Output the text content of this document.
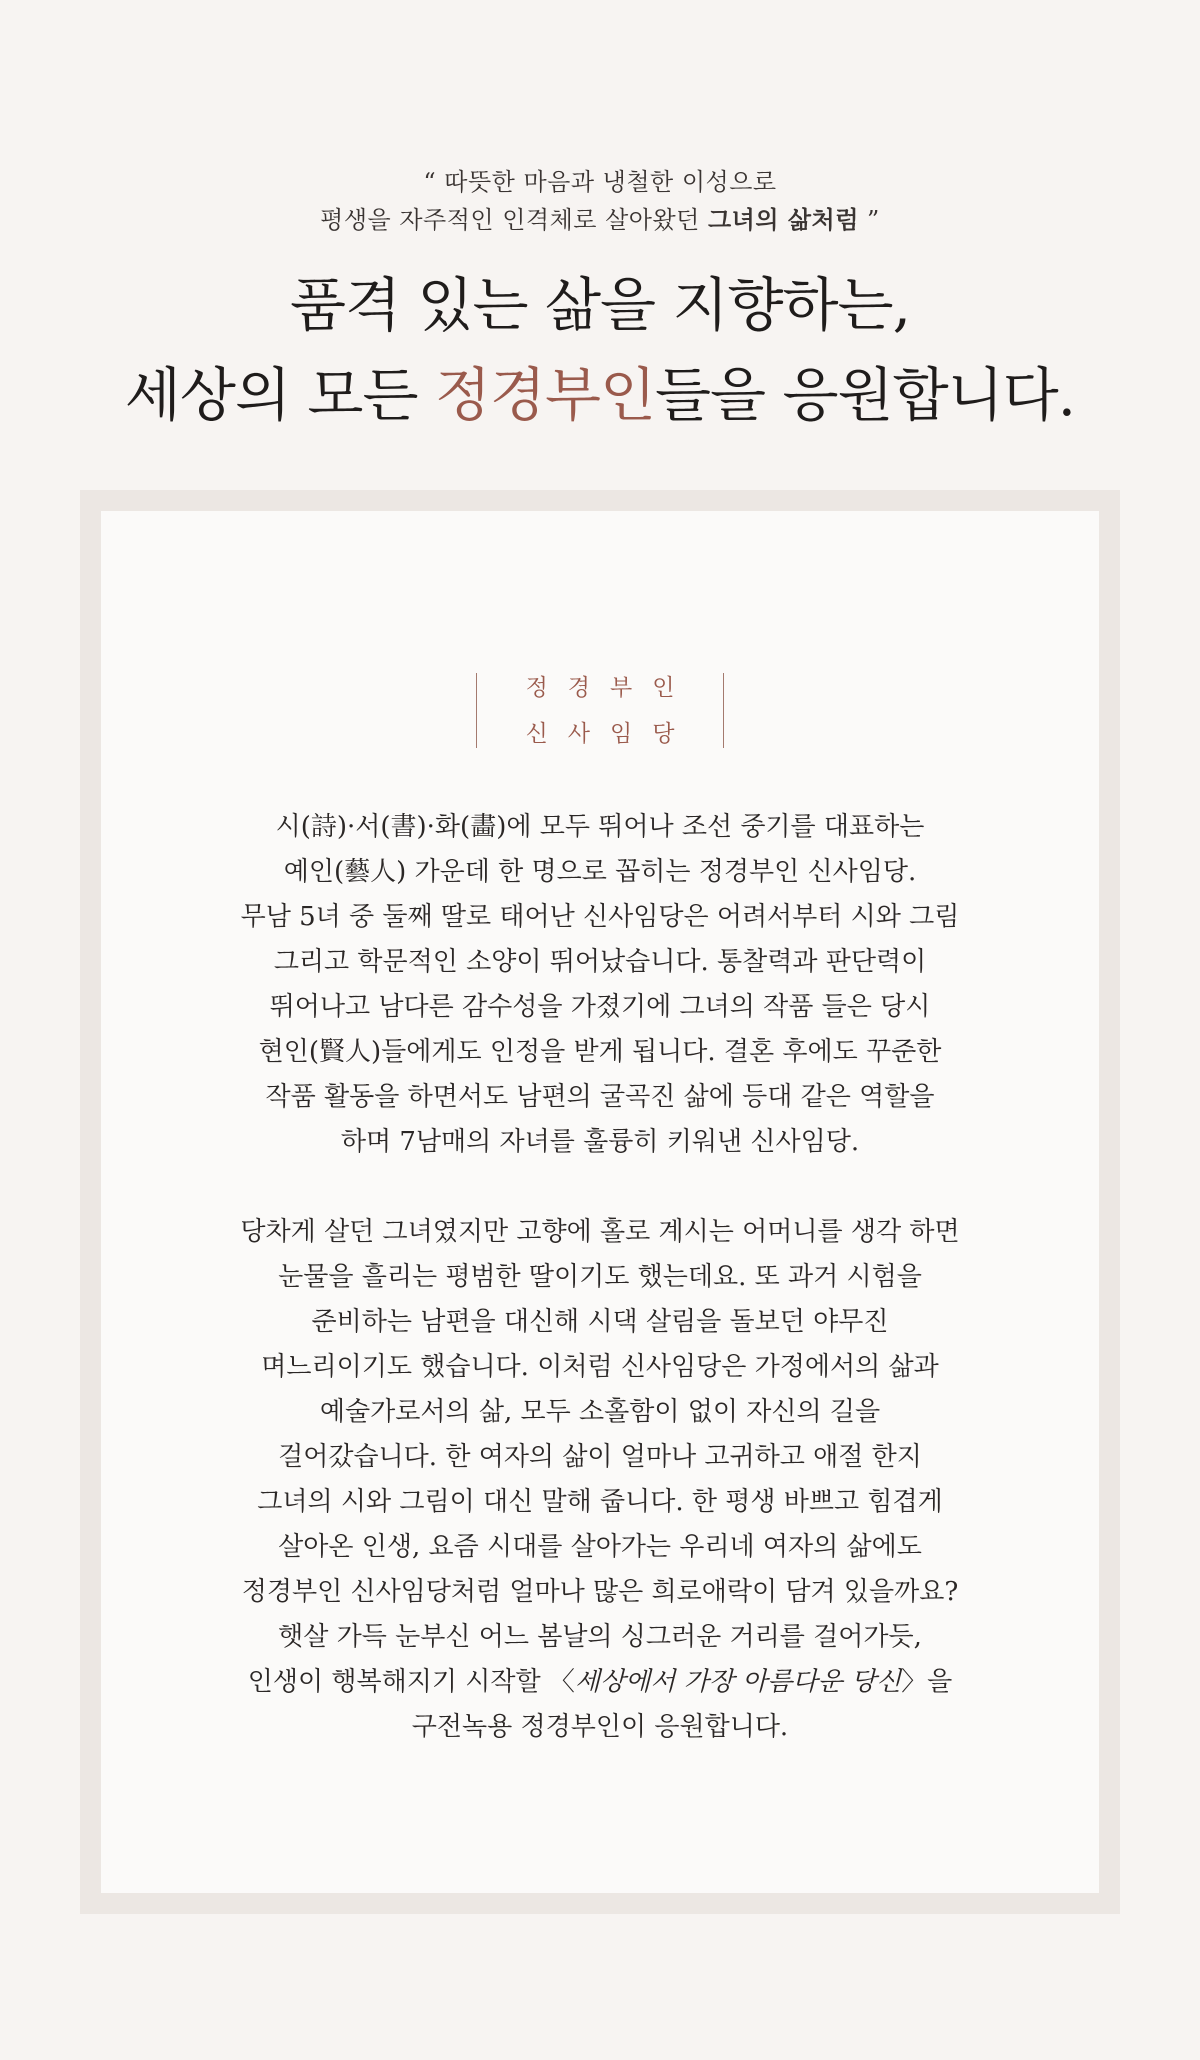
“ 따뜻한 마음과 냉철한 이성으로
평생을 자주적인 인격체로 살아왔던 그녀의 삶처럼 ”
품격 있는 삶을 지향하는,
세상의 모든 정경부인들을 응원합니다.
정경부인
신사임당
시(詩)·서(書)·화(畵)에 모두 뛰어나 조선 중기를 대표하는
예인(藝人) 가운데 한 명으로 꼽히는 정경부인 신사임당.
무남 5녀 중 둘째 딸로 태어난 신사임당은 어려서부터 시와 그림
그리고 학문적인 소양이 뛰어났습니다. 통찰력과 판단력이
뛰어나고 남다른 감수성을 가졌기에 그녀의 작품 들은 당시
현인(賢人)들에게도 인정을 받게 됩니다. 결혼 후에도 꾸준한
작품 활동을 하면서도 남편의 굴곡진 삶에 등대 같은 역할을
하며 7남매의 자녀를 훌륭히 키워낸 신사임당.
당차게 살던 그녀였지만 고향에 홀로 계시는 어머니를 생각 하면
눈물을 흘리는 평범한 딸이기도 했는데요. 또 과거 시험을
준비하는 남편을 대신해 시댁 살림을 돌보던 야무진
며느리이기도 했습니다. 이처럼 신사임당은 가정에서의 삶과
예술가로서의 삶, 모두 소홀함이 없이 자신의 길을
걸어갔습니다. 한 여자의 삶이 얼마나 고귀하고 애절 한지
그녀의 시와 그림이 대신 말해 줍니다. 한 평생 바쁘고 힘겹게
살아온 인생, 요즘 시대를 살아가는 우리네 여자의 삶에도
정경부인 신사임당처럼 얼마나 많은 희로애락이 담겨 있을까요?
햇살 가득 눈부신 어느 봄날의 싱그러운 거리를 걸어가듯,
인생이 행복해지기 시작할 〈세상에서 가장 아름다운 당신〉을
구전녹용 정경부인이 응원합니다.
